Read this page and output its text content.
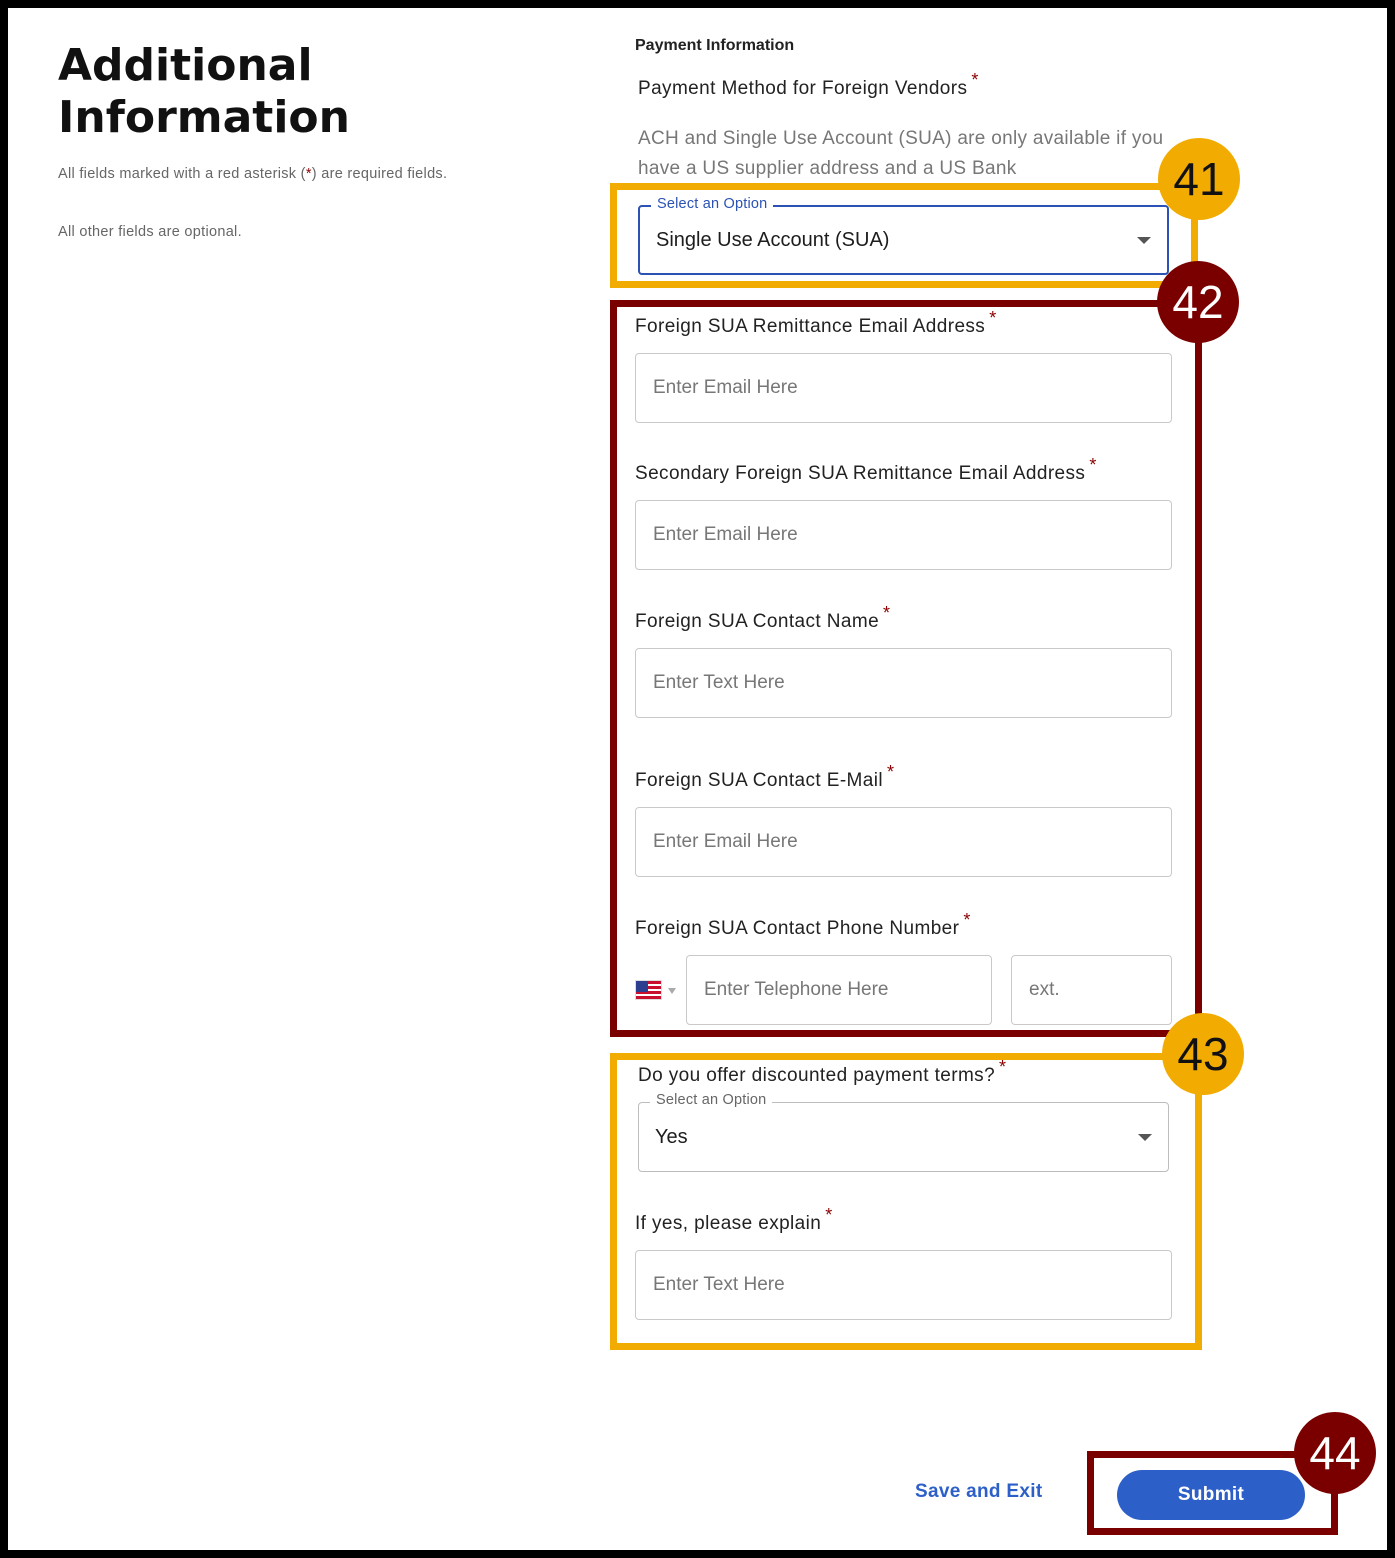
Additional Information

All fields marked with a red asterisk (*) are required fields.

All other fields are optional.

Payment Information
Payment Method for Foreign Vendors *
ACH and Single Use Account (SUA) are only available if you have a US supplier address and a US Bank
Select an Option
Single Use Account (SUA)
Foreign SUA Remittance Email Address *
Enter Email Here
Secondary Foreign SUA Remittance Email Address *
Enter Email Here
Foreign SUA Contact Name *
Enter Text Here
Foreign SUA Contact E-Mail *
Enter Email Here
Foreign SUA Contact Phone Number *
Enter Telephone Here	ext.
Do you offer discounted payment terms? *
Select an Option
Yes
If yes, please explain *
Enter Text Here
Save and Exit	Submit
41
42
43
44
